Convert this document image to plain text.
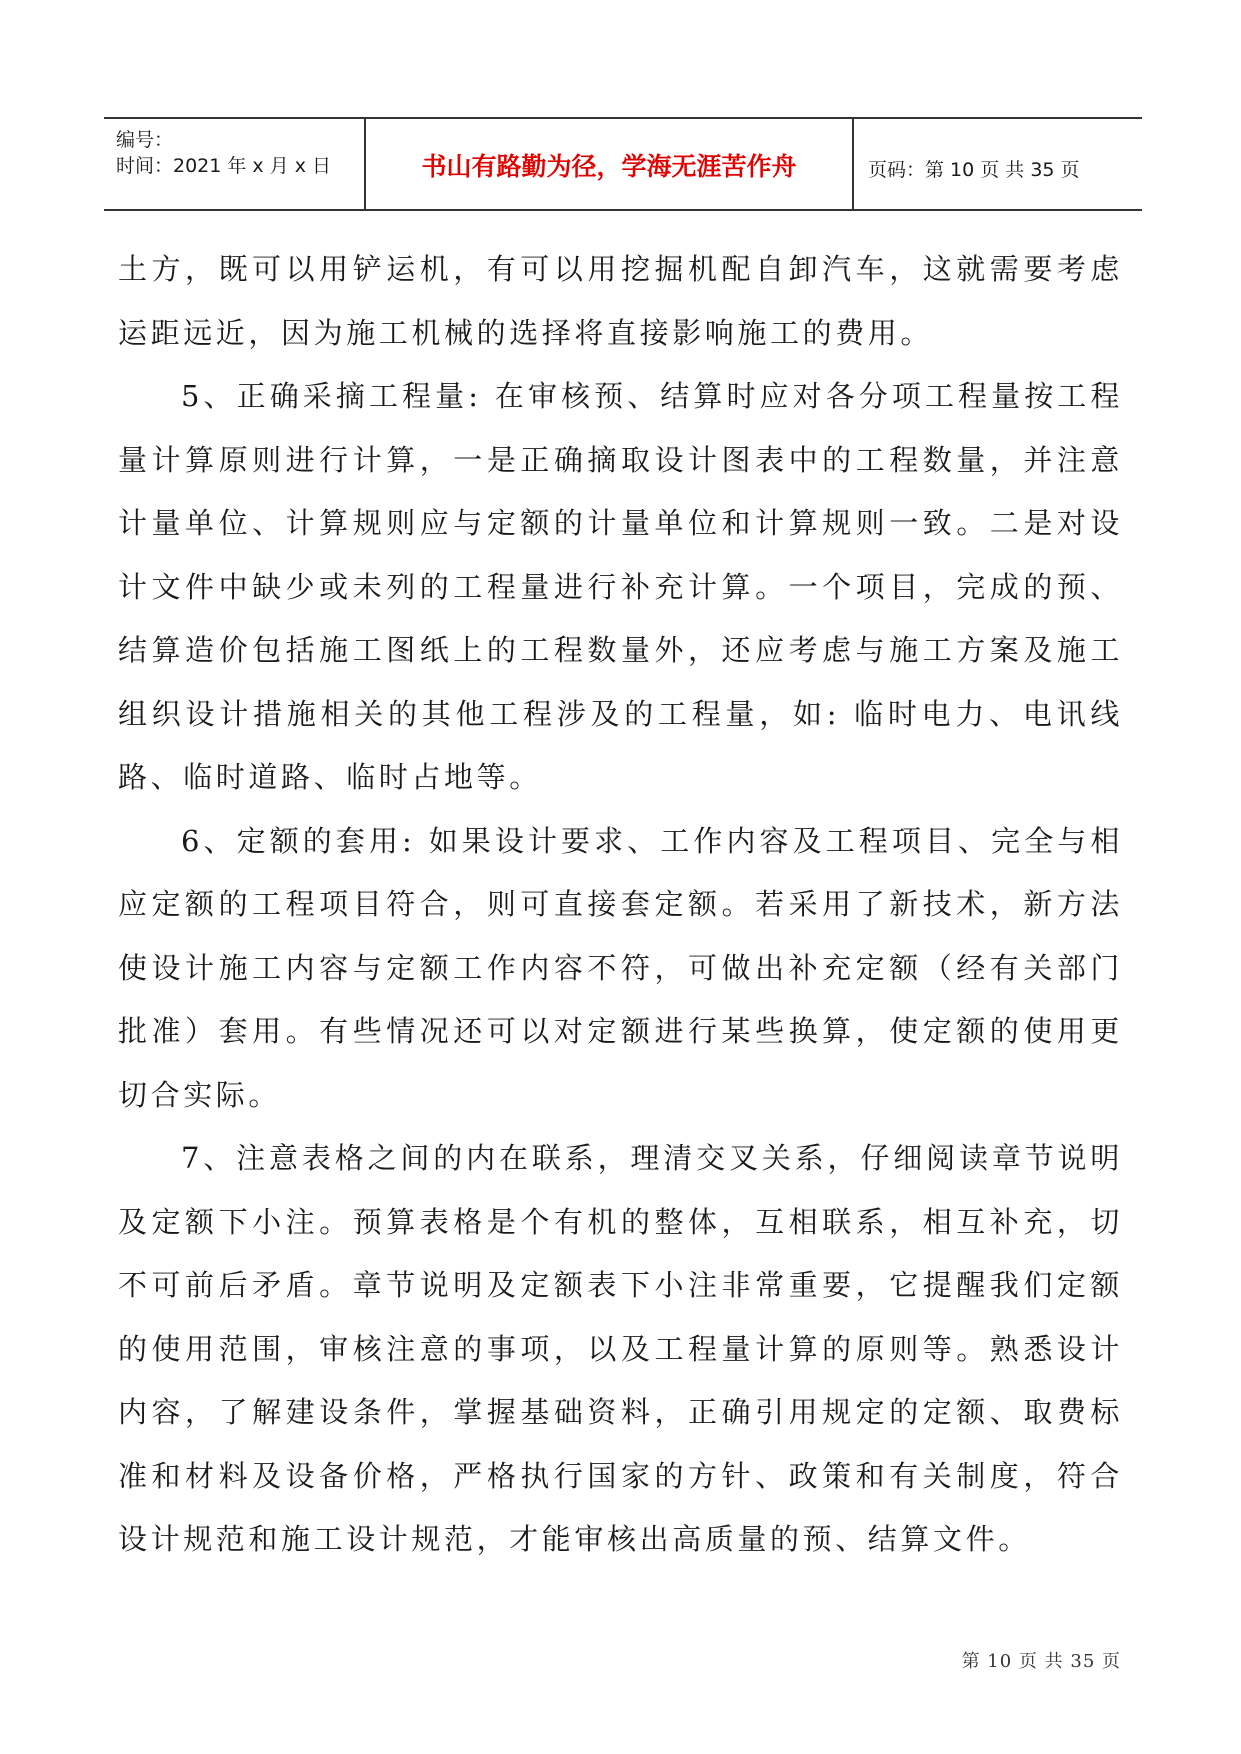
编号：
时间：2021 年 x 月 x 日	书山有路勤为径，学海无涯苦作舟	页码：第 10 页 共 35 页

土方，既可以用铲运机，有可以用挖掘机配自卸汽车，这就需要考虑运距远近，因为施工机械的选择将直接影响施工的费用。

5、正确采摘工程量: 在审核预、结算时应对各分项工程量按工程量计算原则进行计算，一是正确摘取设计图表中的工程数量，并注意计量单位、计算规则应与定额的计量单位和计算规则一致。二是对设计文件中缺少或未列的工程量进行补充计算。一个项目，完成的预、结算造价包括施工图纸上的工程数量外，还应考虑与施工方案及施工组织设计措施相关的其他工程涉及的工程量，如: 临时电力、电讯线路、临时道路、临时占地等。

6、定额的套用: 如果设计要求、工作内容及工程项目、完全与相应定额的工程项目符合，则可直接套定额。若采用了新技术，新方法使设计施工内容与定额工作内容不符，可做出补充定额（经有关部门批准）套用。有些情况还可以对定额进行某些换算，使定额的使用更切合实际。

7、注意表格之间的内在联系，理清交叉关系，仔细阅读章节说明及定额下小注。预算表格是个有机的整体，互相联系，相互补充，切不可前后矛盾。章节说明及定额表下小注非常重要，它提醒我们定额的使用范围，审核注意的事项，以及工程量计算的原则等。熟悉设计内容，了解建设条件，掌握基础资料，正确引用规定的定额、取费标准和材料及设备价格，严格执行国家的方针、政策和有关制度，符合设计规范和施工设计规范，才能审核出高质量的预、结算文件。

第 10 页 共 35 页
